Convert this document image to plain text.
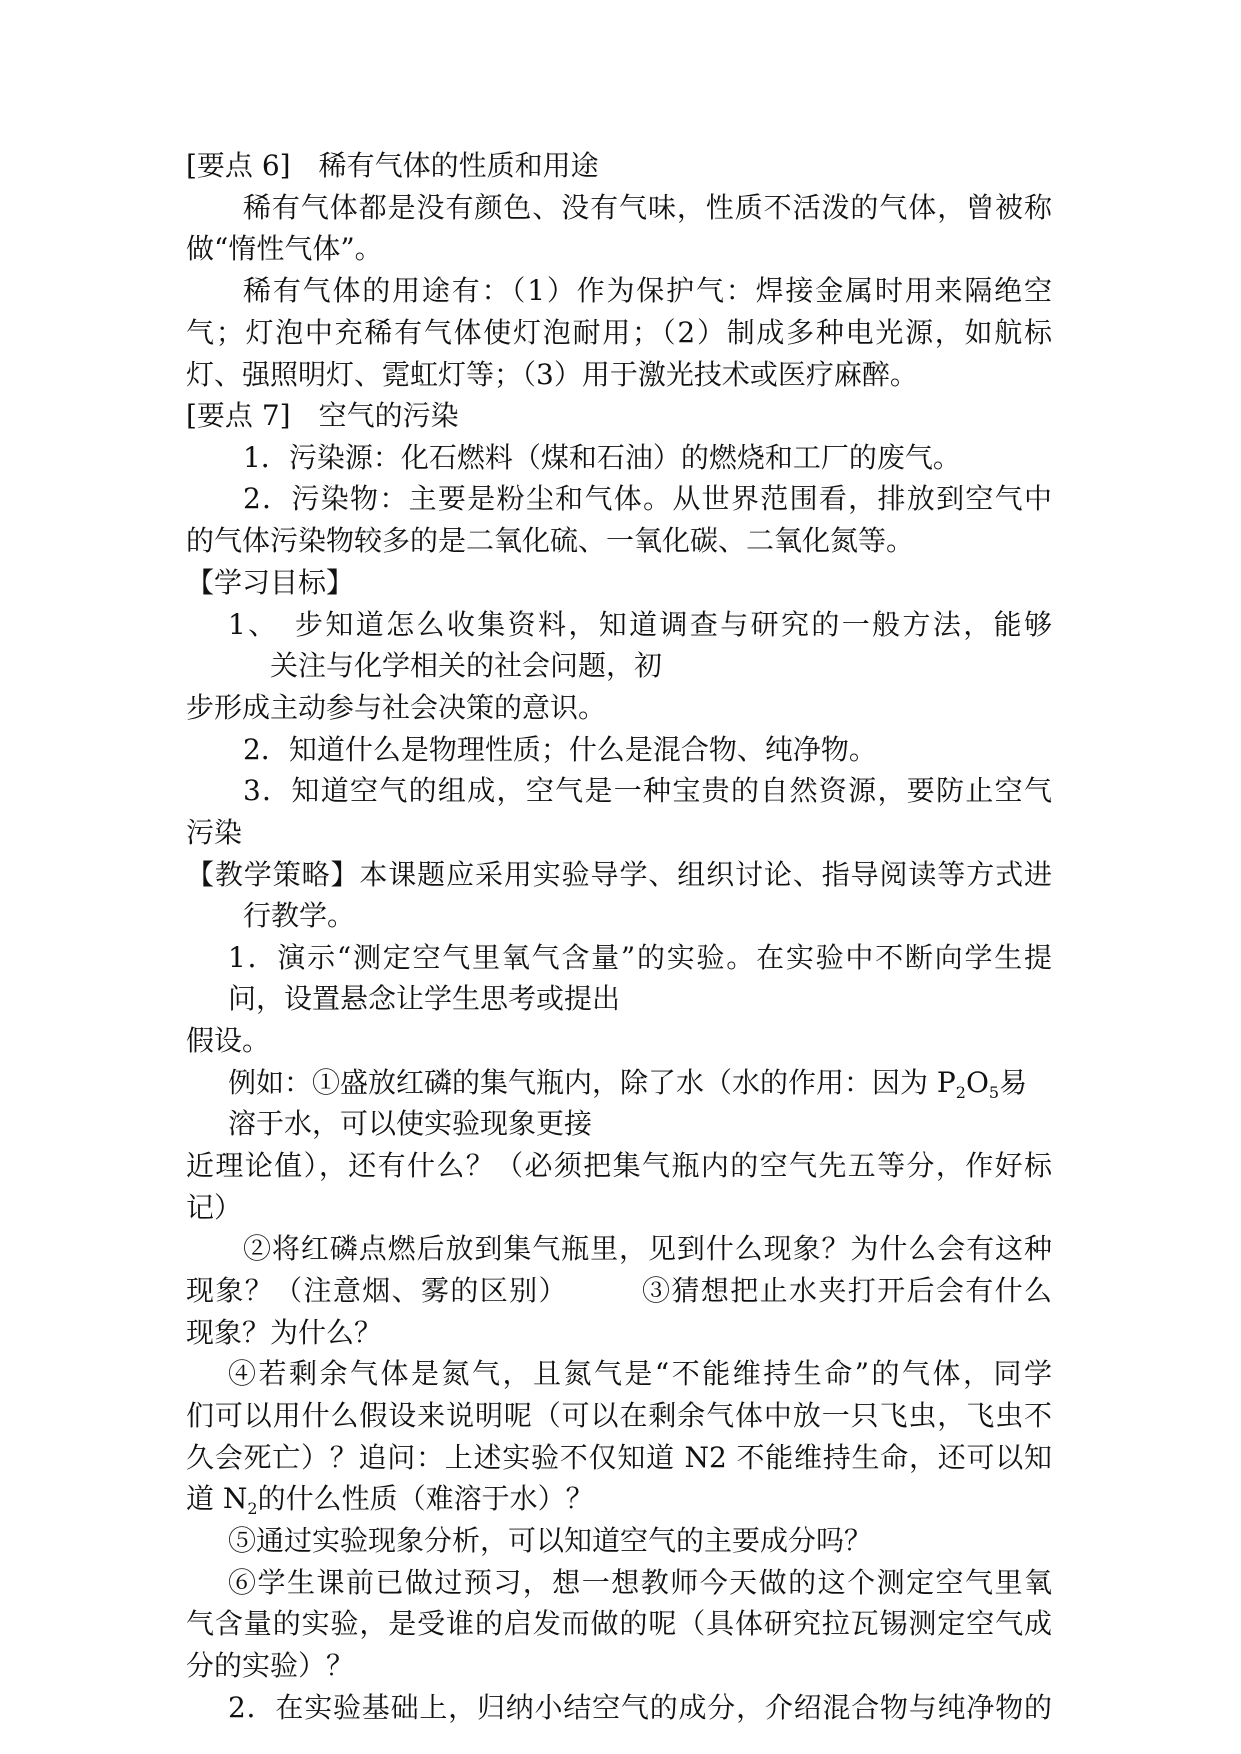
[要点 6]　稀有气体的性质和用途

稀有气体都是没有颜色、没有气味，性质不活泼的气体，曾被称

做“惰性气体”。

稀有气体的用途有：（1）作为保护气：焊接金属时用来隔绝空

气；灯泡中充稀有气体使灯泡耐用；（2）制成多种电光源，如航标

灯、强照明灯、霓虹灯等；（3）用于激光技术或医疗麻醉。

[要点 7]　空气的污染

1．污染源：化石燃料（煤和石油）的燃烧和工厂的废气。

2．污染物：主要是粉尘和气体。从世界范围看，排放到空气中

的气体污染物较多的是二氧化硫、一氧化碳、二氧化氮等。

【学习目标】

1、　步知道怎么收集资料，知道调查与研究的一般方法，能够

关注与化学相关的社会问题，初

步形成主动参与社会决策的意识。

2．知道什么是物理性质；什么是混合物、纯净物。

3．知道空气的组成，空气是一种宝贵的自然资源，要防止空气

污染

【教学策略】本课题应采用实验导学、组织讨论、指导阅读等方式进

行教学。

1．演示“测定空气里氧气含量”的实验。在实验中不断向学生提

问，设置悬念让学生思考或提出

假设。

例如：①盛放红磷的集气瓶内，除了水（水的作用：因为 $P_2O_5$易

溶于水，可以使实验现象更接

近理论值），还有什么？（必须把集气瓶内的空气先五等分，作好标

记）

②将红磷点燃后放到集气瓶里，见到什么现象？为什么会有这种

现象？（注意烟、雾的区别）　　　③猜想把止水夹打开后会有什么

现象？为什么？

④若剩余气体是氮气，且氮气是“不能维持生命”的气体，同学

们可以用什么假设来说明呢（可以在剩余气体中放一只飞虫，飞虫不

久会死亡）？追问：上述实验不仅知道 N2 不能维持生命，还可以知

道 $N_2$的什么性质（难溶于水）？

⑤通过实验现象分析，可以知道空气的主要成分吗？

⑥学生课前已做过预习，想一想教师今天做的这个测定空气里氧

气含量的实验，是受谁的启发而做的呢（具体研究拉瓦锡测定空气成

分的实验）？

2．在实验基础上，归纳小结空气的成分，介绍混合物与纯净物的
